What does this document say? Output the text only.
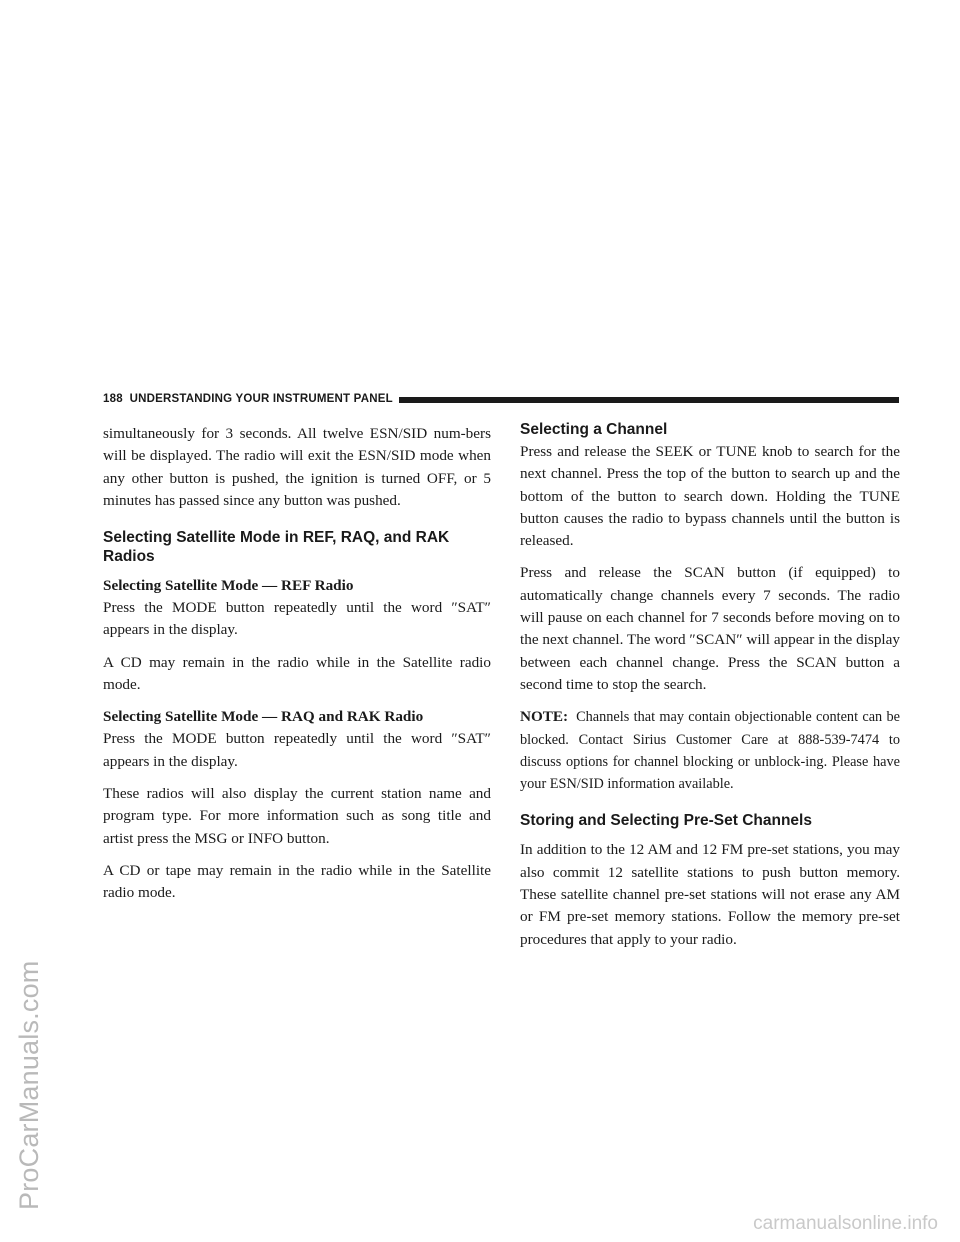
ProCarManuals.com
carmanualsonline.info
188 UNDERSTANDING YOUR INSTRUMENT PANEL

simultaneously for 3 seconds. All twelve ESN/SID num-bers will be displayed. The radio will exit the ESN/SID mode when any other button is pushed, the ignition is turned OFF, or 5 minutes has passed since any button was pushed.

Selecting Satellite Mode in REF, RAQ, and RAK Radios

Selecting Satellite Mode — REF Radio
Press the MODE button repeatedly until the word ″SAT″ appears in the display.

A CD may remain in the radio while in the Satellite radio mode.

Selecting Satellite Mode — RAQ and RAK Radio
Press the MODE button repeatedly until the word ″SAT″ appears in the display.

These radios will also display the current station name and program type. For more information such as song title and artist press the MSG or INFO button.

A CD or tape may remain in the radio while in the Satellite radio mode.

Selecting a Channel

Press and release the SEEK or TUNE knob to search for the next channel. Press the top of the button to search up and the bottom of the button to search down. Holding the TUNE button causes the radio to bypass channels until the button is released.

Press and release the SCAN button (if equipped) to automatically change channels every 7 seconds. The radio will pause on each channel for 7 seconds before moving on to the next channel. The word ″SCAN″ will appear in the display between each channel change. Press the SCAN button a second time to stop the search.

NOTE: Channels that may contain objectionable content can be blocked. Contact Sirius Customer Care at 888-539-7474 to discuss options for channel blocking or unblock-ing. Please have your ESN/SID information available.

Storing and Selecting Pre-Set Channels

In addition to the 12 AM and 12 FM pre-set stations, you may also commit 12 satellite stations to push button memory. These satellite channel pre-set stations will not erase any AM or FM pre-set memory stations. Follow the memory pre-set procedures that apply to your radio.
